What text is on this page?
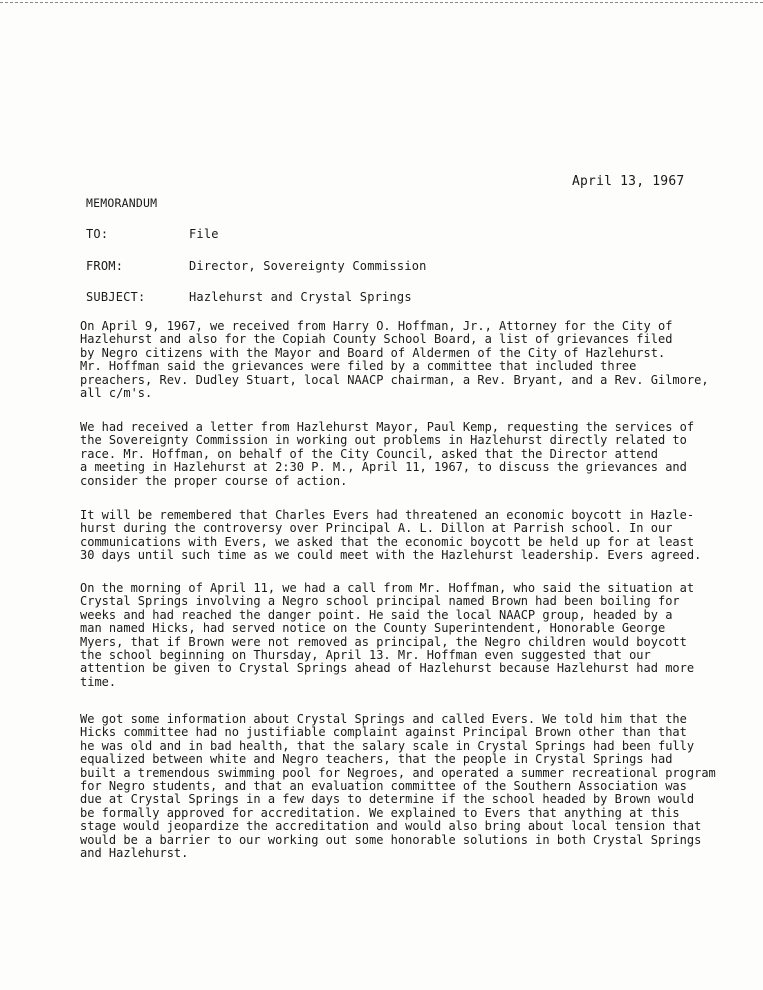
April 13, 1967
MEMORANDUM
TO:	File
FROM:	Director, Sovereignty Commission
SUBJECT:	Hazlehurst and Crystal Springs
On April 9, 1967, we received from Harry O. Hoffman, Jr., Attorney for the City of
Hazlehurst and also for the Copiah County School Board, a list of grievances filed
by Negro citizens with the Mayor and Board of Aldermen of the City of Hazlehurst.
Mr. Hoffman said the grievances were filed by a committee that included three
preachers, Rev. Dudley Stuart, local NAACP chairman, a Rev. Bryant, and a Rev. Gilmore,
all c/m's.
We had received a letter from Hazlehurst Mayor, Paul Kemp, requesting the services of
the Sovereignty Commission in working out problems in Hazlehurst directly related to
race. Mr. Hoffman, on behalf of the City Council, asked that the Director attend
a meeting in Hazlehurst at 2:30 P. M., April 11, 1967, to discuss the grievances and
consider the proper course of action.
It will be remembered that Charles Evers had threatened an economic boycott in Hazle-
hurst during the controversy over Principal A. L. Dillon at Parrish school. In our
communications with Evers, we asked that the economic boycott be held up for at least
30 days until such time as we could meet with the Hazlehurst leadership. Evers agreed.
On the morning of April 11, we had a call from Mr. Hoffman, who said the situation at
Crystal Springs involving a Negro school principal named Brown had been boiling for
weeks and had reached the danger point. He said the local NAACP group, headed by a
man named Hicks, had served notice on the County Superintendent, Honorable George
Myers, that if Brown were not removed as principal, the Negro children would boycott
the school beginning on Thursday, April 13. Mr. Hoffman even suggested that our
attention be given to Crystal Springs ahead of Hazlehurst because Hazlehurst had more
time.
We got some information about Crystal Springs and called Evers. We told him that the
Hicks committee had no justifiable complaint against Principal Brown other than that
he was old and in bad health, that the salary scale in Crystal Springs had been fully
equalized between white and Negro teachers, that the people in Crystal Springs had
built a tremendous swimming pool for Negroes, and operated a summer recreational program
for Negro students, and that an evaluation committee of the Southern Association was
due at Crystal Springs in a few days to determine if the school headed by Brown would
be formally approved for accreditation. We explained to Evers that anything at this
stage would jeopardize the accreditation and would also bring about local tension that
would be a barrier to our working out some honorable solutions in both Crystal Springs
and Hazlehurst.
